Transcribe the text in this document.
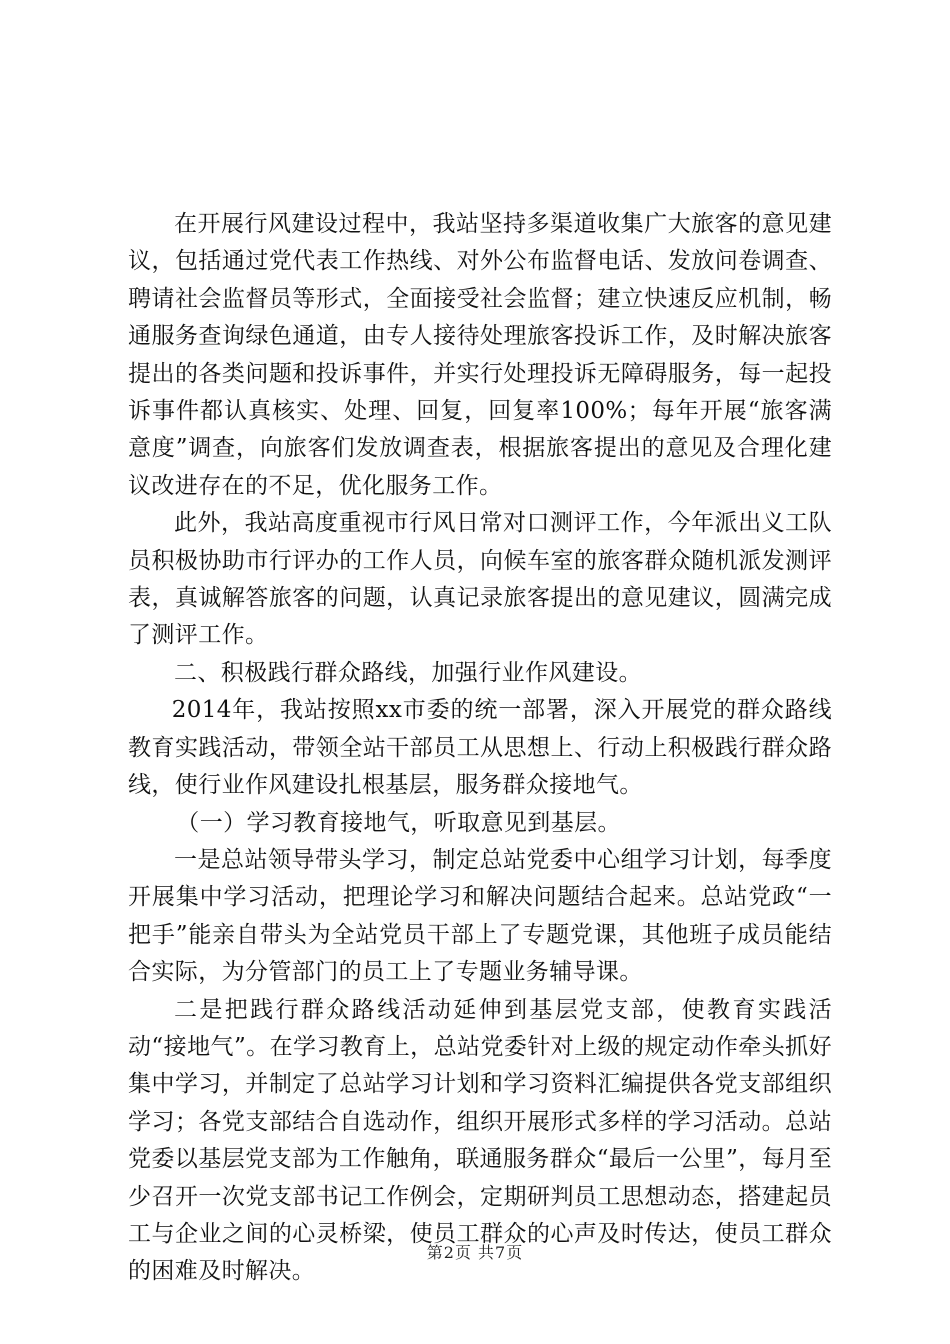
在开展行风建设过程中，我站坚持多渠道收集广大旅客的意见建议，包括通过党代表工作热线、对外公布监督电话、发放问卷调查、聘请社会监督员等形式，全面接受社会监督；建立快速反应机制，畅通服务查询绿色通道，由专人接待处理旅客投诉工作，及时解决旅客提出的各类问题和投诉事件，并实行处理投诉无障碍服务，每一起投诉事件都认真核实、处理、回复，回复率100%；每年开展“旅客满意度”调查，向旅客们发放调查表，根据旅客提出的意见及合理化建议改进存在的不足，优化服务工作。

此外，我站高度重视市行风日常对口测评工作，今年派出义工队员积极协助市行评办的工作人员，向候车室的旅客群众随机派发测评表，真诚解答旅客的问题，认真记录旅客提出的意见建议，圆满完成了测评工作。

二、积极践行群众路线，加强行业作风建设。

2014年，我站按照xx市委的统一部署，深入开展党的群众路线教育实践活动，带领全站干部员工从思想上、行动上积极践行群众路线，使行业作风建设扎根基层，服务群众接地气。

（一）学习教育接地气，听取意见到基层。

一是总站领导带头学习，制定总站党委中心组学习计划，每季度开展集中学习活动，把理论学习和解决问题结合起来。总站党政“一把手”能亲自带头为全站党员干部上了专题党课，其他班子成员能结合实际，为分管部门的员工上了专题业务辅导课。

二是把践行群众路线活动延伸到基层党支部，使教育实践活动“接地气”。在学习教育上，总站党委针对上级的规定动作牵头抓好集中学习，并制定了总站学习计划和学习资料汇编提供各党支部组织学习；各党支部结合自选动作，组织开展形式多样的学习活动。总站党委以基层党支部为工作触角，联通服务群众“最后一公里”，每月至少召开一次党支部书记工作例会，定期研判员工思想动态，搭建起员工与企业之间的心灵桥梁，使员工群众的心声及时传达，使员工群众的困难及时解决。

第2页 共7页
